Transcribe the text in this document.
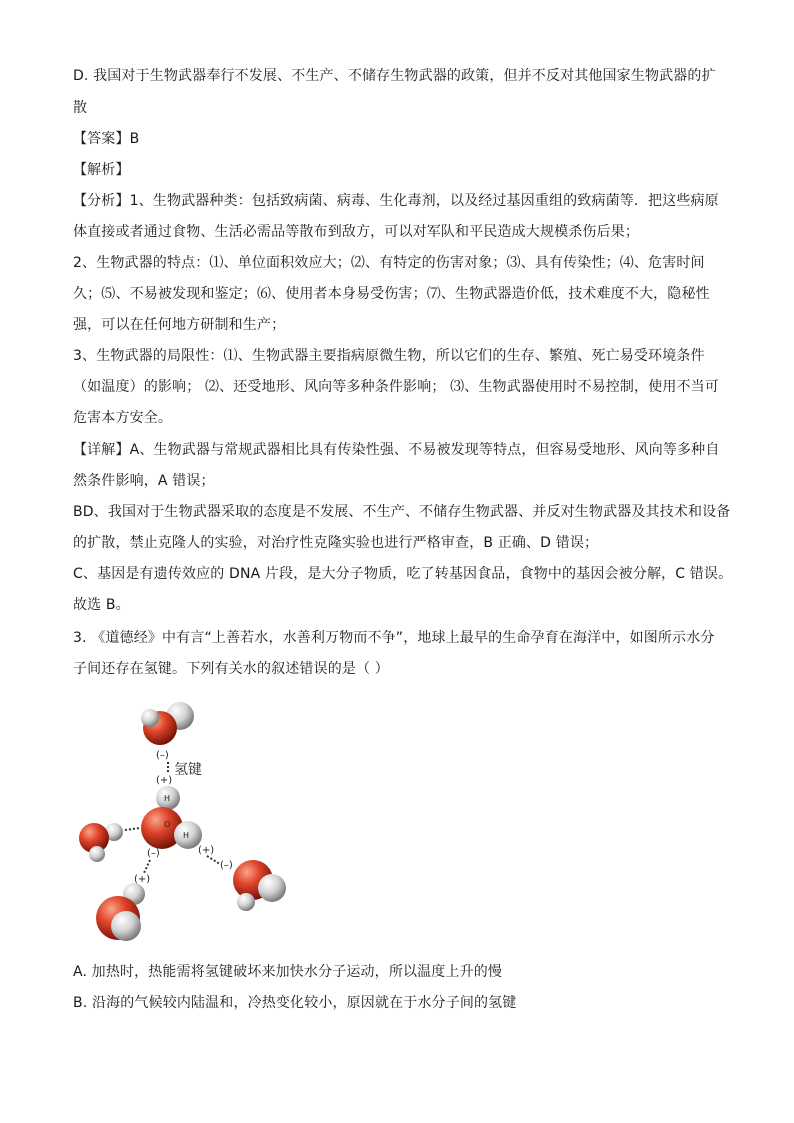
D. 我国对于生物武器奉行不发展、不生产、不储存生物武器的政策，但并不反对其他国家生物武器的扩
散
【答案】B
【解析】
【分析】1、生物武器种类：包括致病菌、病毒、生化毒剂，以及经过基因重组的致病菌等．把这些病原
体直接或者通过食物、生活必需品等散布到敌方，可以对军队和平民造成大规模杀伤后果；
2、生物武器的特点：⑴、单位面积效应大；⑵、有特定的伤害对象；⑶、具有传染性；⑷、危害时间
久；⑸、不易被发现和鉴定；⑹、使用者本身易受伤害；⑺、生物武器造价低，技术难度不大，隐秘性
强，可以在任何地方研制和生产；
3、生物武器的局限性：⑴、生物武器主要指病原微生物，所以它们的生存、繁殖、死亡易受环境条件
（如温度）的影响； ⑵、还受地形、风向等多种条件影响； ⑶、生物武器使用时不易控制，使用不当可
危害本方安全。
【详解】A、生物武器与常规武器相比具有传染性强、不易被发现等特点，但容易受地形、风向等多种自
然条件影响，A 错误；
BD、我国对于生物武器采取的态度是不发展、不生产、不储存生物武器、并反对生物武器及其技术和设备
的扩散，禁止克隆人的实验，对治疗性克隆实验也进行严格审查，B 正确、D 错误；
C、基因是有遗传效应的 DNA 片段，是大分子物质，吃了转基因食品，食物中的基因会被分解，C 错误。
故选 B。
3. 《道德经》中有言“上善若水，水善利万物而不争”，地球上最早的生命孕育在海洋中，如图所示水分
子间还存在氢键。下列有关水的叙述错误的是（ ）
(–)
(+)
氢键
H
O
H
(–)
(+)
(+)
(–)
A. 加热时，热能需将氢键破坏来加快水分子运动，所以温度上升的慢
B. 沿海的气候较内陆温和，冷热变化较小，原因就在于水分子间的氢键
